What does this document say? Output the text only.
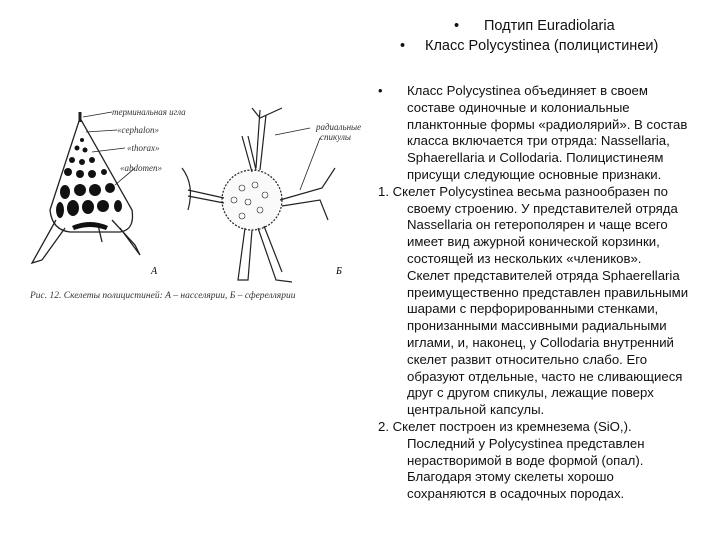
• Подтип Euradiolaria
• Класс Polycystinea (полицистинеи)
терминальная игла
«cephalon»
«thorax»
«abdomen»
радиальные
спикулы
А	Б
Рис. 12. Скелеты полицистиней: А – насселярии, Б – сфереллярии
• Класс Polycystinea объединяет в своем
составе одиночные и колониальные
планктонные формы «радиолярий». В состав
класса включается три отряда: Nassellaria,
Sphaerellaria и Collodaria. Полицистинеям
присущи следующие основные признаки.
1. Скелет Polycystinea весьма разнообразен по
своему строению. У представителей отряда
Nassellaria он гетерополярен и чаще всего
имеет вид ажурной конической корзинки,
состоящей из нескольких «члеников».
Скелет представителей отряда Sphaerellaria
преимущественно представлен правильными
шарами с перфорированными стенками,
пронизанными массивными радиальными
иглами, и, наконец, у Collodaria внутренний
скелет развит относительно слабо. Его
образуют отдельные, часто не сливающиеся
друг с другом спикулы, лежащие поверх
центральной капсулы.
2. Скелет построен из кремнезема (SiO,).
Последний у Polycystinea представлен
нерастворимой в воде формой (опал).
Благодаря этому скелеты хорошо
сохраняются в осадочных породах.
